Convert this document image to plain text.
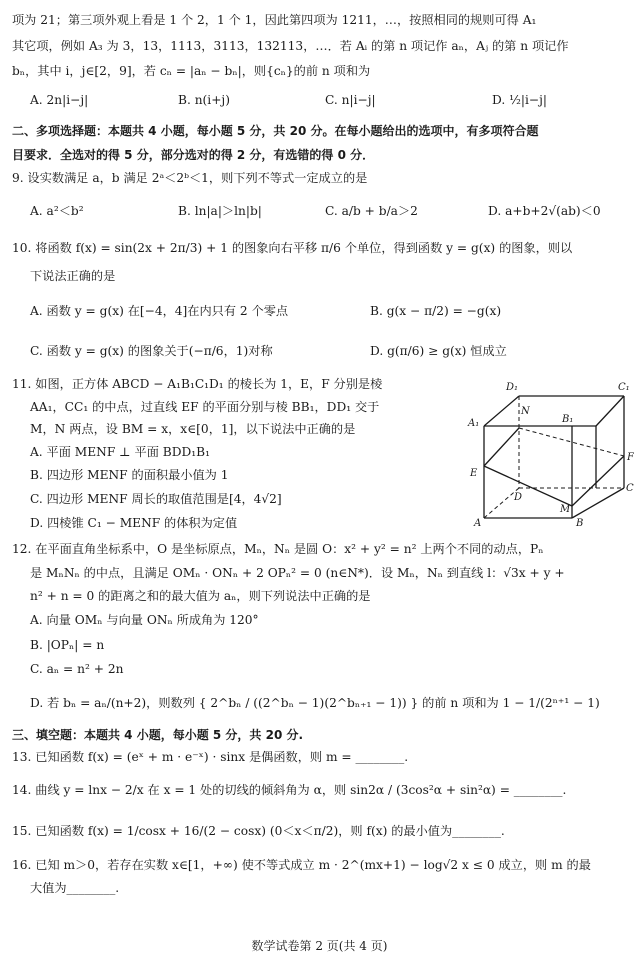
项为 21；第三项外观上看是 1 个 2，1 个 1，因此第四项为 1211，…，按照相同的规则可得 A₁
其它项，例如 A₃ 为 3，13，1113，3113，132113，…．若 Aᵢ 的第 n 项记作 aₙ，Aⱼ 的第 n 项记作
bₙ，其中 i，j∈[2，9]，若 cₙ = |aₙ − bₙ|，则{cₙ}的前 n 项和为
A. 2n|i−j|	B. n(i+j)	C. n|i−j|	D. ½|i−j|
二、多项选择题：本题共 4 小题，每小题 5 分，共 20 分。在每小题给出的选项中，有多项符合题
目要求．全选对的得 5 分，部分选对的得 2 分，有选错的得 0 分．
9. 设实数满足 a，b 满足 2ᵃ＜2ᵇ＜1，则下列不等式一定成立的是
A. a²＜b²	B. ln|a|＞ln|b|	C. a/b + b/a＞2	D. a+b+2√(ab)＜0
10. 将函数 f(x) = sin(2x + 2π/3) + 1 的图象向右平移 π/6 个单位，得到函数 y = g(x) 的图象，则以
下说法正确的是
A. 函数 y = g(x) 在[−4，4]在内只有 2 个零点	B. g(x − π/2) = −g(x)
C. 函数 y = g(x) 的图象关于(−π/6，1)对称	D. g(π/6) ≥ g(x) 恒成立
11. 如图，正方体 ABCD − A₁B₁C₁D₁ 的棱长为 1，E，F 分别是棱
AA₁，CC₁ 的中点，过直线 EF 的平面分别与棱 BB₁，DD₁ 交于
M，N 两点，设 BM = x，x∈[0，1]，以下说法中正确的是
A. 平面 MENF ⊥ 平面 BDD₁B₁
B. 四边形 MENF 的面积最小值为 1
C. 四边形 MENF 周长的取值范围是[4，4√2]
D. 四棱锥 C₁ − MENF 的体积为定值
D₁	C₁
A₁	B₁
N
F
E
D
C
M
A	B
12. 在平面直角坐标系中，O 是坐标原点，Mₙ，Nₙ 是圆 O：x² + y² = n² 上两个不同的动点，Pₙ
是 MₙNₙ 的中点，且满足 OMₙ · ONₙ + 2 OPₙ² = 0 (n∈N*)．设 Mₙ，Nₙ 到直线 l：√3x + y +
n² + n = 0 的距离之和的最大值为 aₙ，则下列说法中正确的是
A. 向量 OMₙ 与向量 ONₙ 所成角为 120°
B. |OPₙ| = n
C. aₙ = n² + 2n
D. 若 bₙ = aₙ/(n+2)，则数列 { 2^bₙ / ((2^bₙ − 1)(2^bₙ₊₁ − 1)) } 的前 n 项和为 1 − 1/(2ⁿ⁺¹ − 1)
三、填空题：本题共 4 小题，每小题 5 分，共 20 分.
13. 已知函数 f(x) = (eˣ + m · e⁻ˣ) · sinx 是偶函数，则 m = ________.
14. 曲线 y = lnx − 2/x 在 x = 1 处的切线的倾斜角为 α，则 sin2α / (3cos²α + sin²α) = ________.
15. 已知函数 f(x) = 1/cosx + 16/(2 − cosx) (0＜x＜π/2)，则 f(x) 的最小值为________.
16. 已知 m＞0，若存在实数 x∈[1，+∞) 使不等式成立 m · 2^(mx+1) − log√2 x ≤ 0 成立，则 m 的最
大值为________.
数学试卷第 2 页(共 4 页)
